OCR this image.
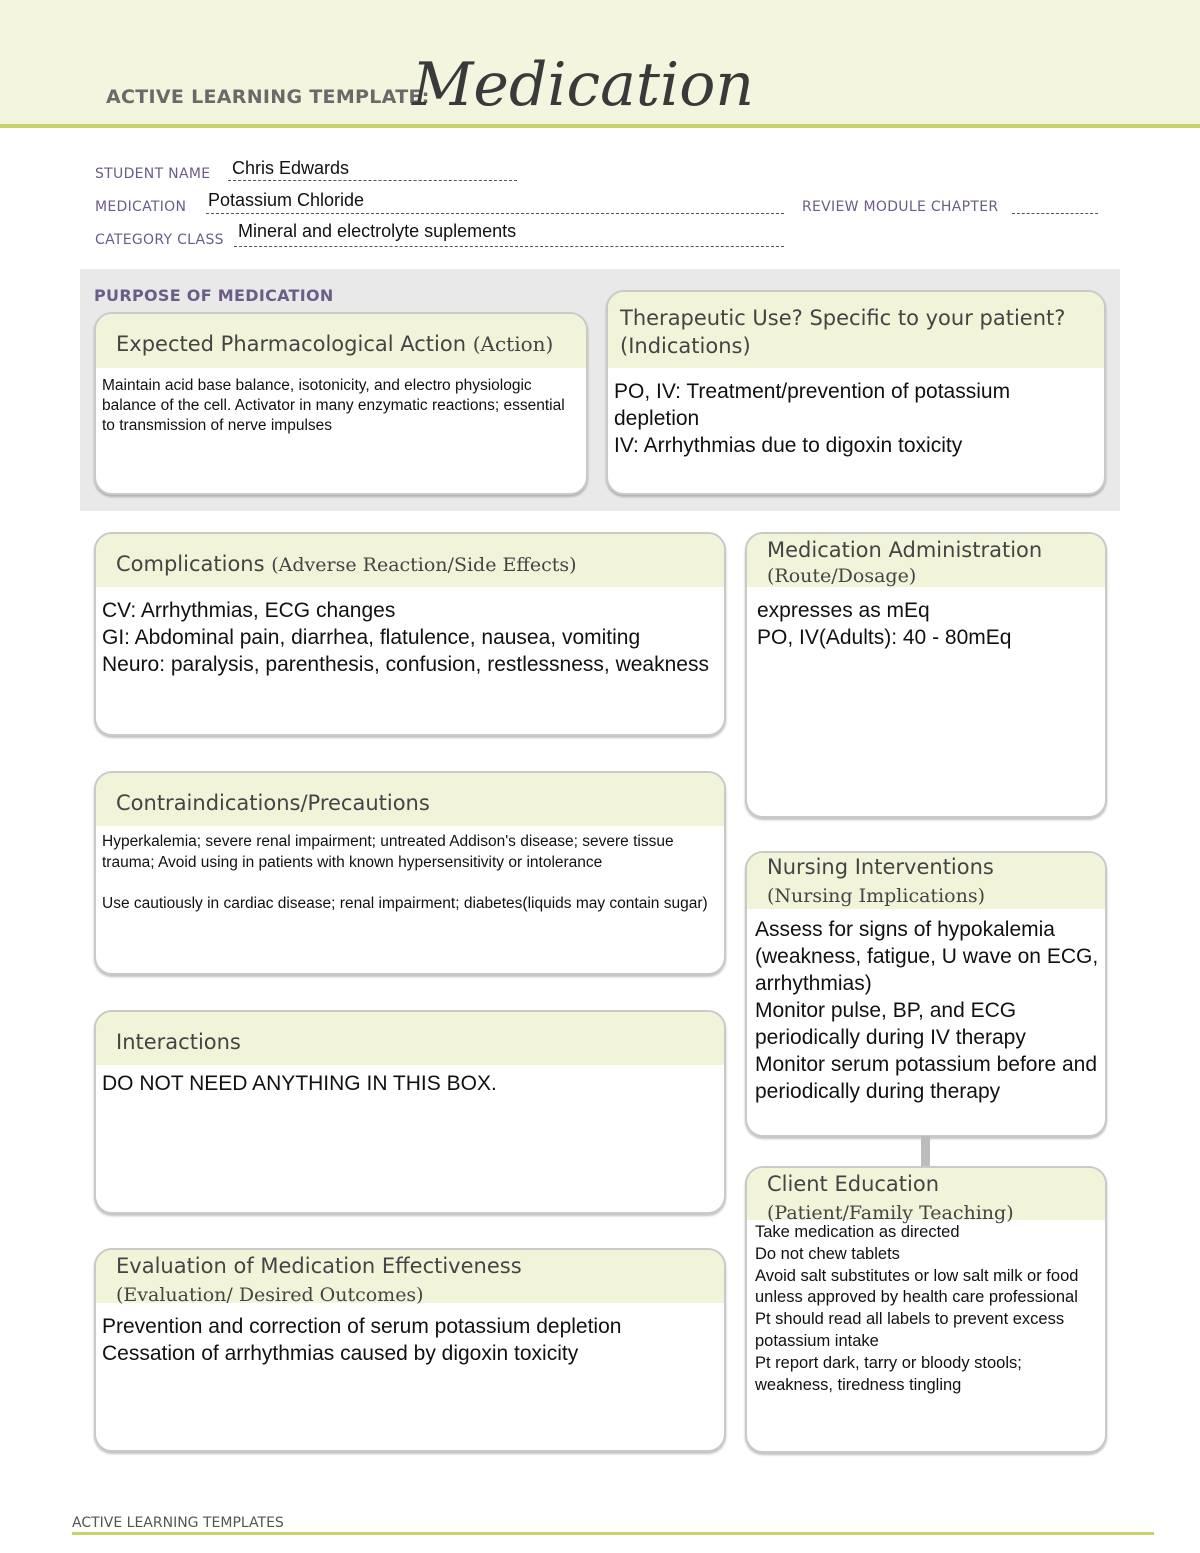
ACTIVE LEARNING TEMPLATE:
Medication
STUDENT NAME Chris Edwards
MEDICATION Potassium Chloride	REVIEW MODULE CHAPTER
CATEGORY CLASS Mineral and electrolyte suplements
PURPOSE OF MEDICATION
Expected Pharmacological Action (Action)
Maintain acid base balance, isotonicity, and electro physiologic balance of the cell. Activator in many enzymatic reactions; essential to transmission of nerve impulses
Therapeutic Use? Specific to your patient?
(Indications)
PO, IV: Treatment/prevention of potassium depletion
IV: Arrhythmias due to digoxin toxicity
Complications (Adverse Reaction/Side Effects)
CV: Arrhythmias, ECG changes
GI: Abdominal pain, diarrhea, flatulence, nausea, vomiting
Neuro: paralysis, parenthesis, confusion, restlessness, weakness
Medication Administration
(Route/Dosage)
expresses as mEq
PO, IV(Adults): 40 - 80mEq
Contraindications/Precautions
Hyperkalemia; severe renal impairment; untreated Addison's disease; severe tissue trauma; Avoid using in patients with known hypersensitivity or intolerance

Use cautiously in cardiac disease; renal impairment; diabetes(liquids may contain sugar)
Nursing Interventions (Nursing Implications)
Assess for signs of hypokalemia (weakness, fatigue, U wave on ECG, arrhythmias)
Monitor pulse, BP, and ECG periodically during IV therapy
Monitor serum potassium before and periodically during therapy
Interactions
DO NOT NEED ANYTHING IN THIS BOX.
Client Education (Patient/Family Teaching)
Take medication as directed
Do not chew tablets
Avoid salt substitutes or low salt milk or food unless approved by health care professional
Pt should read all labels to prevent excess potassium intake
Pt report dark, tarry or bloody stools; weakness, tiredness tingling
Evaluation of Medication Effectiveness (Evaluation/ Desired Outcomes)
Prevention and correction of serum potassium depletion
Cessation of arrhythmias caused by digoxin toxicity
ACTIVE LEARNING TEMPLATES
